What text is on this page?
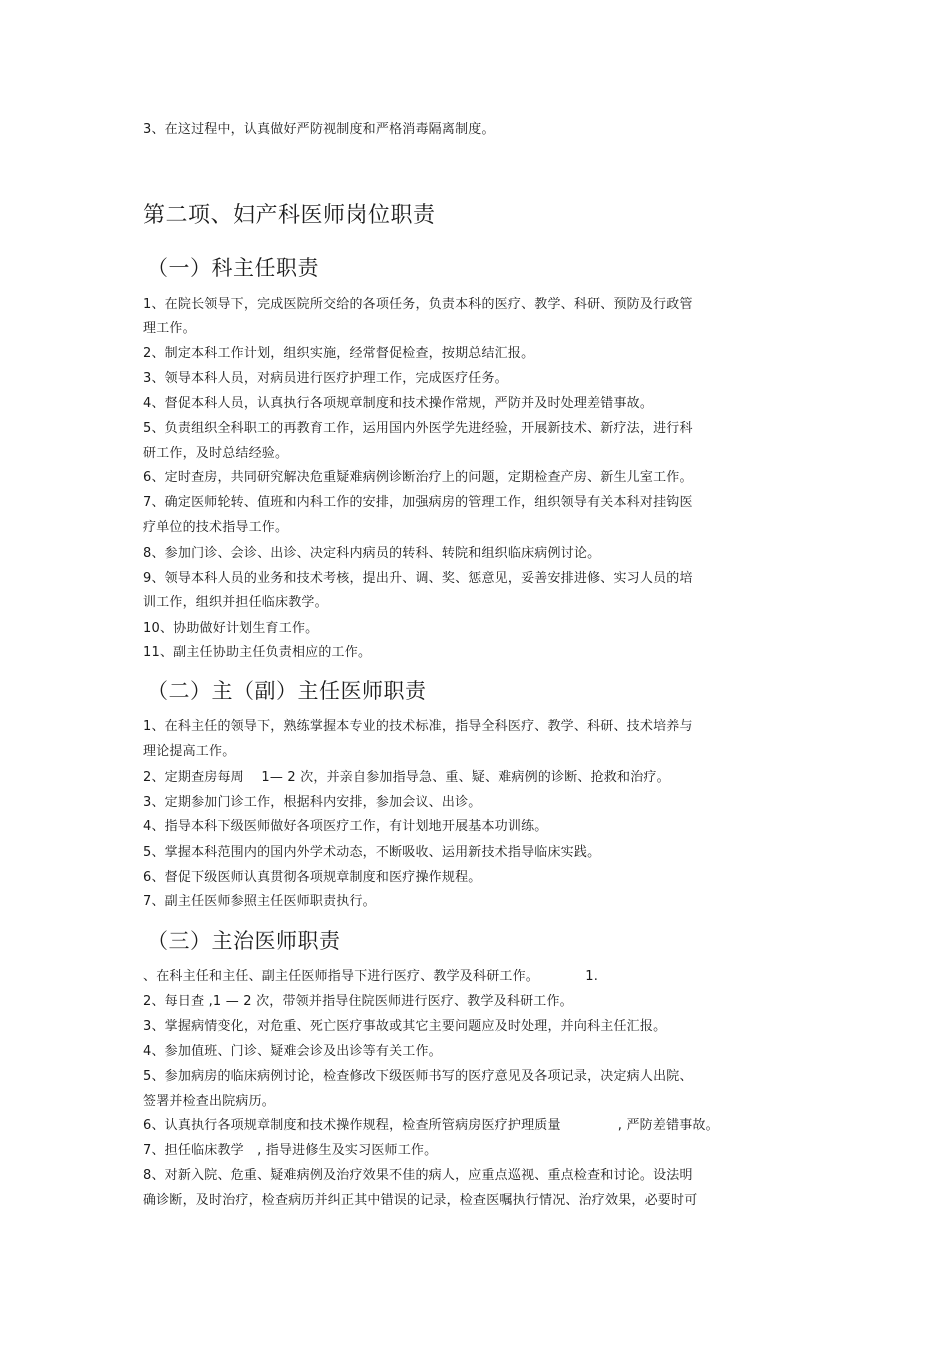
3、在这过程中，认真做好严防视制度和严格消毒隔离制度。
第二项、妇产科医师岗位职责
（一）科主任职责
1、在院长领导下，完成医院所交给的各项任务，负责本科的医疗、教学、科研、预防及行政管
理工作。
2、制定本科工作计划，组织实施，经常督促检查，按期总结汇报。
3、领导本科人员，对病员进行医疗护理工作，完成医疗任务。
4、督促本科人员，认真执行各项规章制度和技术操作常规，严防并及时处理差错事故。
5、负责组织全科职工的再教育工作，运用国内外医学先进经验，开展新技术、新疗法，进行科
研工作，及时总结经验。
6、定时查房，共同研究解决危重疑难病例诊断治疗上的问题，定期检查产房、新生儿室工作。
7、确定医师轮转、值班和内科工作的安排，加强病房的管理工作，组织领导有关本科对挂钩医
疗单位的技术指导工作。
8、参加门诊、会诊、出诊、决定科内病员的转科、转院和组织临床病例讨论。
9、领导本科人员的业务和技术考核，提出升、调、奖、惩意见，妥善安排进修、实习人员的培
训工作，组织并担任临床教学。
10、协助做好计划生育工作。
11、副主任协助主任负责相应的工作。
（二）主（副）主任医师职责
1、在科主任的领导下，熟练掌握本专业的技术标准，指导全科医疗、教学、科研、技术培养与
理论提高工作。
2、定期查房每周　 1— 2 次，并亲自参加指导急、重、疑、难病例的诊断、抢救和治疗。
3、定期参加门诊工作，根据科内安排，参加会议、出诊。
4、指导本科下级医师做好各项医疗工作，有计划地开展基本功训练。
5、掌握本科范围内的国内外学术动态，不断吸收、运用新技术指导临床实践。
6、督促下级医师认真贯彻各项规章制度和医疗操作规程。
7、副主任医师参照主任医师职责执行。
（三）主治医师职责
、在科主任和主任、副主任医师指导下进行医疗、教学及科研工作。　　　　1.
2、每日查 ,1 — 2 次，带领并指导住院医师进行医疗、教学及科研工作。
3、掌握病情变化，对危重、死亡医疗事故或其它主要问题应及时处理，并向科主任汇报。
4、参加值班、门诊、疑难会诊及出诊等有关工作。
5、参加病房的临床病例讨论，检查修改下级医师书写的医疗意见及各项记录，决定病人出院、
签署并检查出院病历。
6、认真执行各项规章制度和技术操作规程，检查所管病房医疗护理质量　　　　 , 严防差错事故。
7、担任临床教学　, 指导进修生及实习医师工作。
8、对新入院、危重、疑难病例及治疗效果不佳的病人，应重点巡视、重点检查和讨论。设法明
确诊断，及时治疗，检查病历并纠正其中错误的记录，检查医嘱执行情况、治疗效果，必要时可
